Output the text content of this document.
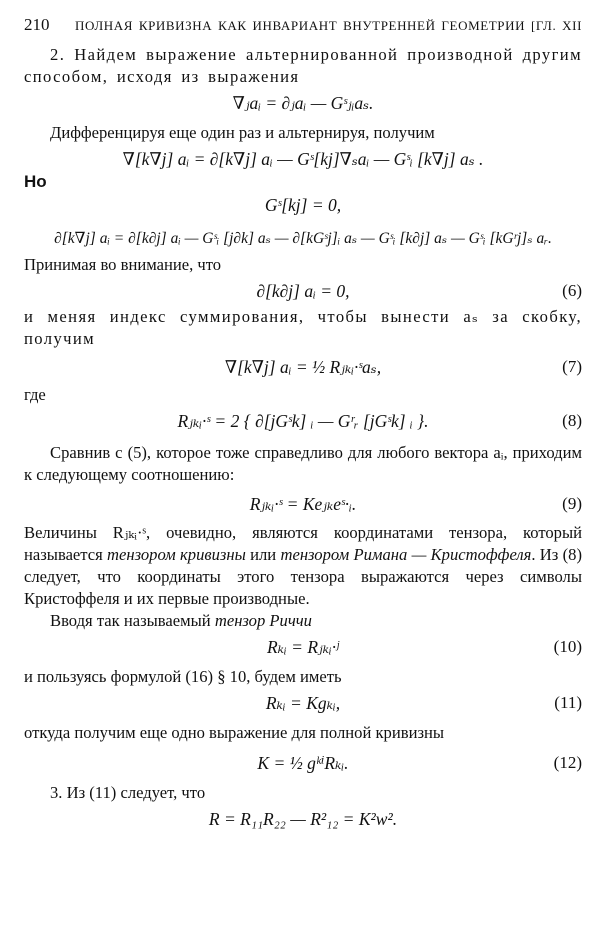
210	ПОЛНАЯ КРИВИЗНА КАК ИНВАРИАНТ ВНУТРЕННЕЙ ГЕОМЕТРИИ [ГЛ. XII

2. Найдем выражение альтернированной производной другим способом, исходя из выражения

∇ⱼaᵢ = ∂ⱼaᵢ — Gˢⱼᵢaₛ.

Дифференцируя еще один раз и альтернируя, получим

∇[k∇j] aᵢ = ∂[k∇j] aᵢ — Gˢ[kj]∇ₛaᵢ — Gˢᵢ [k∇j] aₛ .
Но
Gˢ[kj] = 0,
∂[k∇j] aᵢ = ∂[k∂j] aᵢ — Gˢᵢ [j∂k] aₛ — ∂[kGˢj]ᵢ aₛ — Gˢᵢ [k∂j] aₛ — Gˢᵢ [kGʳj]ₛ aᵣ.

Принимая во внимание, что

∂[k∂j] aᵢ = 0,	(6)

и меняя индекс суммирования, чтобы вынести aₛ за скобку, получим

∇[k∇j] aᵢ = ½ Rⱼₖᵢ·ˢaₛ,	(7)

где

Rⱼₖᵢ·ˢ = 2 { ∂[jGˢk] ᵢ — Gʳᵣ [jGˢk] ᵢ }.	(8)

Сравнив с (5), которое тоже справедливо для любого вектора aᵢ, приходим к следующему соотношению:

Rⱼₖᵢ·ˢ = Keⱼₖeˢ·ᵢ.	(9)

Величины Rⱼₖᵢ·ˢ, очевидно, являются координатами тензора, который называется тензором кривизны или тензором Римана — Кристоффеля. Из (8) следует, что координаты этого тензора выражаются через символы Кристоффеля и их первые производные.

Вводя так называемый тензор Риччи

Rₖᵢ = Rⱼₖᵢ·ʲ	(10)

и пользуясь формулой (16) § 10, будем иметь

Rₖᵢ = Kgₖᵢ,	(11)

откуда получим еще одно выражение для полной кривизны

K = ½ gᵏⁱRₖᵢ.	(12)

3. Из (11) следует, что

R = R₁₁R₂₂ — R²₁₂ = K²w².
